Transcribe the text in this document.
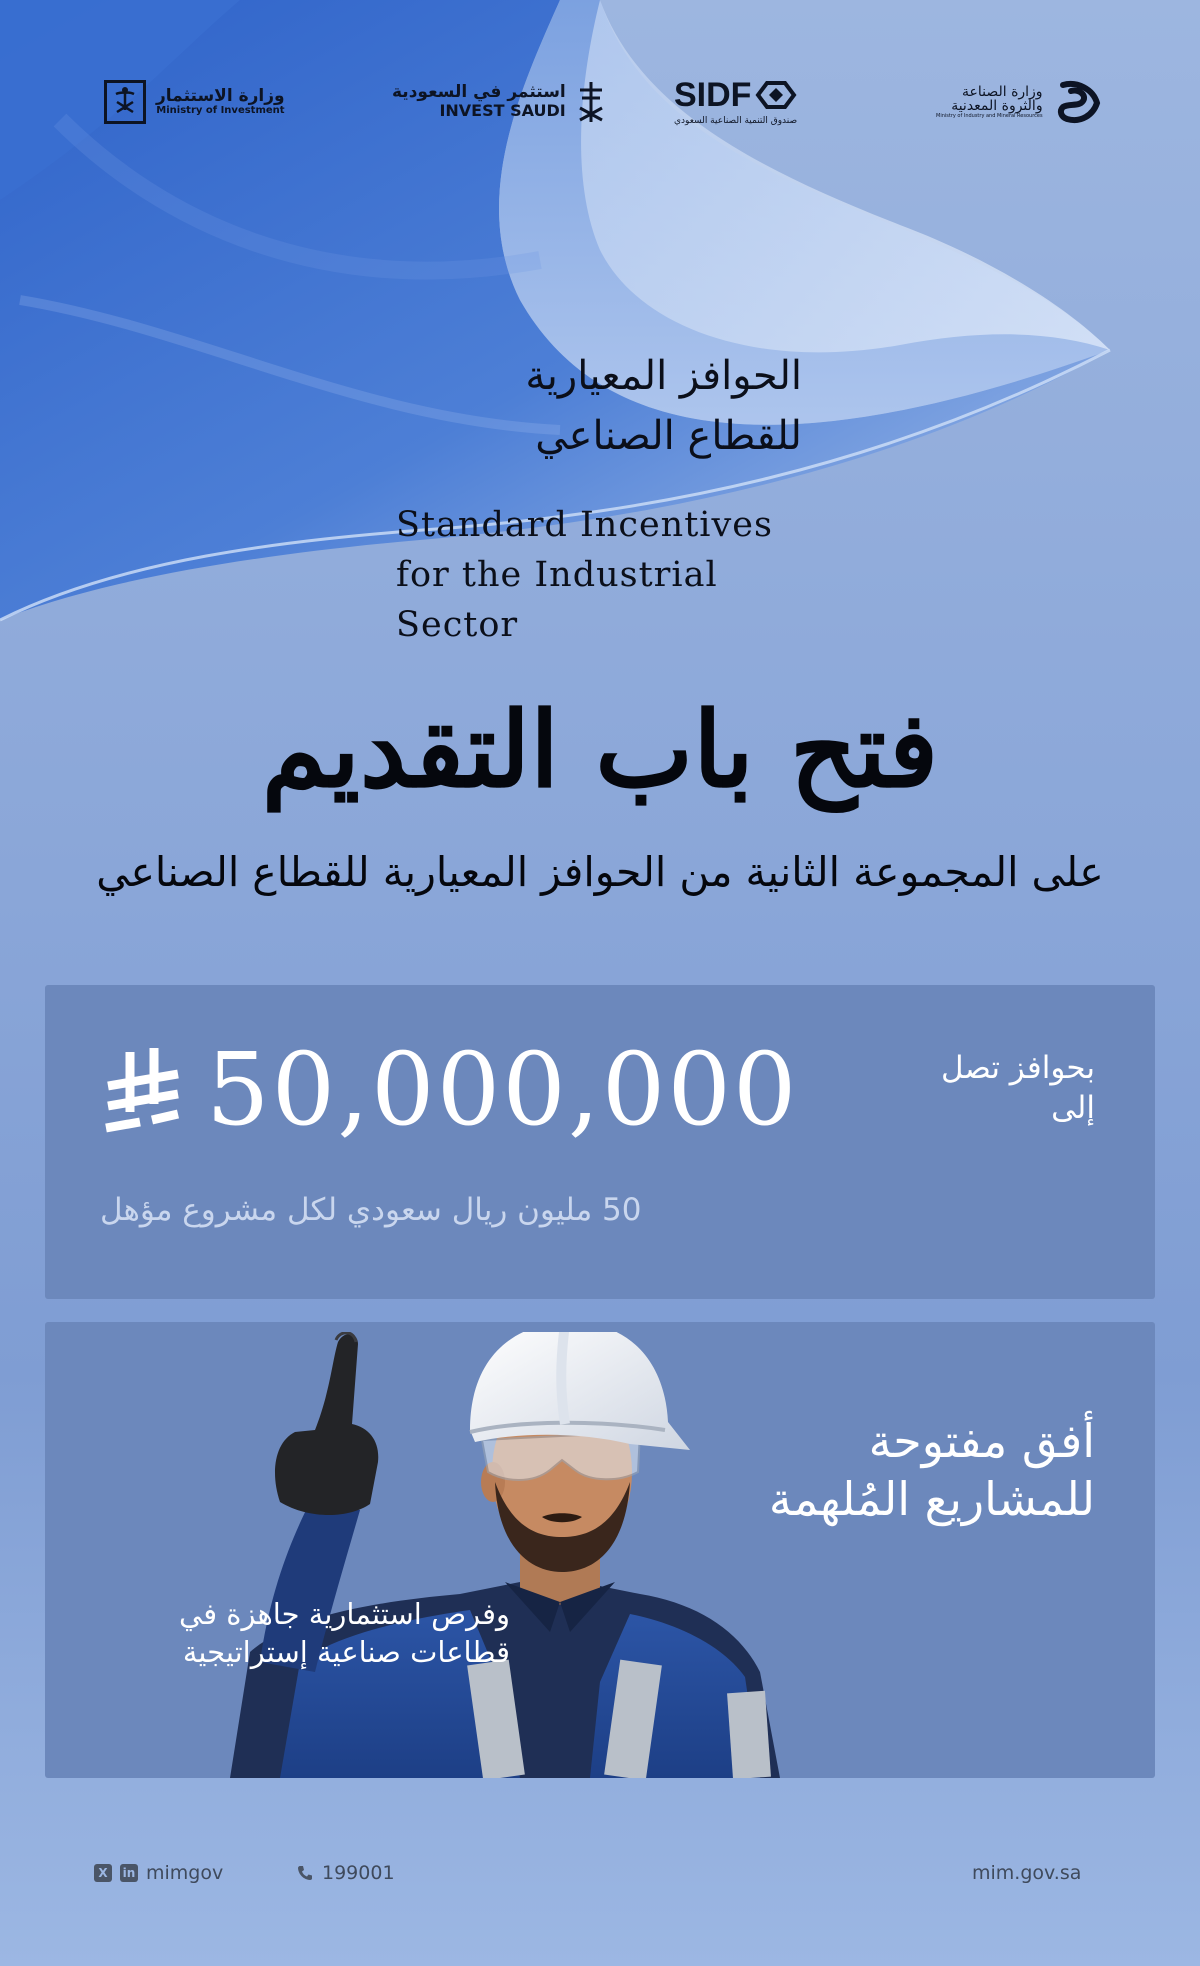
وزارة الاستثمار
Ministry of Investment
استثمر في السعودية
INVEST SAUDI	SIDF
صندوق التنمية الصناعية السعودي
وزارة الصناعة
والثروة المعدنية
Ministry of Industry and Mineral Resources
الحوافز المعيارية
للقطاع الصناعي
Standard Incentives
for the Industrial Sector
فتح باب التقديم
على المجموعة الثانية من الحوافز المعيارية للقطاع الصناعي
50,000,000	بحوافز تصل
إلى
50 مليون ريال سعودي لكل مشروع مؤهل
أفق مفتوحة
للمشاريع المُلهمة
وفرص استثمارية جاهزة في
قطاعات صناعية إستراتيجية
X	in mimgov	199001	mim.gov.sa
